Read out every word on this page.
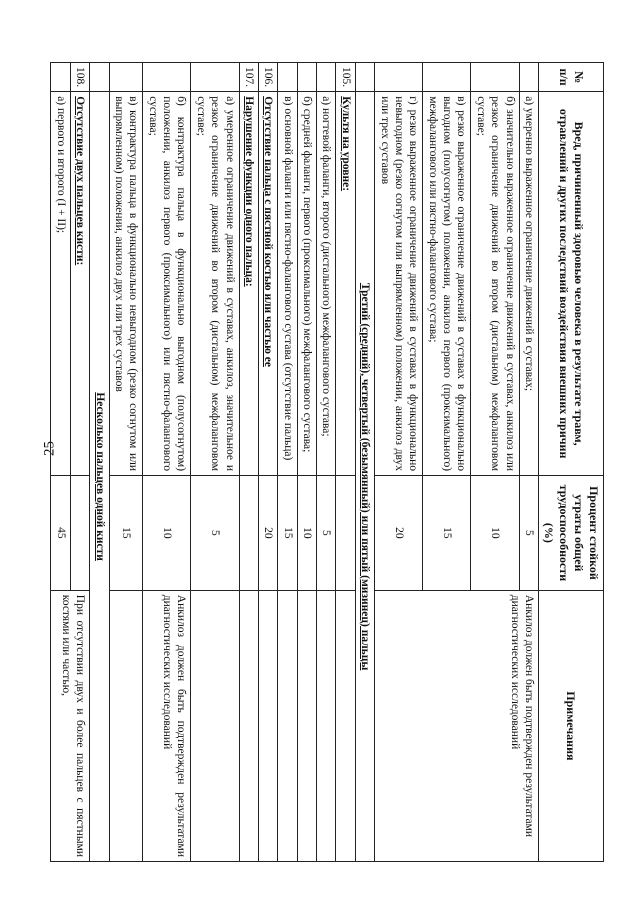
25
№ п/п	Вред, причиненный здоровью человека в результате травм, отравлений и других последствий воздействия внешних причин	Процент стойкой утраты общей трудоспособности (%)	Примечания
	а) умеренно выраженное ограничение движений в суставах;	5	Анкилоз должен быть подтвержден результатами диагностических исследований
	б) значительно выраженное ограничение движений в суставах, анкилоз или резкое ограничение движений во втором (дистальном) межфаланговом суставе;	10	
	в) резко выраженное ограничение движений в суставах в функционально выгодном (полусогнутом) положении, анкилоз первого (проксимального) межфалангового или пястно-фалангового сустава;	15	
	г) резко выраженное ограничение движений в суставах в функционально невыгодном (резко согнутом или выпрямленном) положении, анкилоз двух или трех суставов	20	
	Третий (средний), четвертый (безымянный) или пятый (мизинец) пальцы		
105.	Культя на уровне:		
	а) ногтевой фаланги, второго (дистального) межфалангового сустава;	5	
	б) средней фаланги, первого (проксимального) межфалангового сустава;	10	
	в) основной фаланги или пястно-фалангового сустава (отсутствие пальца)	15	
106.	Отсутствие пальца с пястной костью или частью ее	20	
107.	Нарушение функции одного пальца:		
	а) умеренное ограничение движений в суставах, анкилоз, значительное и резкое ограничение движений во втором (дистальном) межфаланговом суставе;	5	
	б) контрактура пальца в функционально выгодном (полусогнутом) положении, анкилоз первого (проксимального) или пястно-фалангового сустава;	10	Анкилоз должен быть подтвержден результатами диагностических исследований
	в) контрактура пальца в функционально невыгодном (резко согнутом или выпрямленном) положении, анкилоз двух или трех суставов	15	
	Несколько пальцев одной кисти		
108.	Отсутствие двух пальцев кисти:		При отсутствии двух и более пальцев с пястными костями или частью,
	а) первого и второго (I + II);	45	
